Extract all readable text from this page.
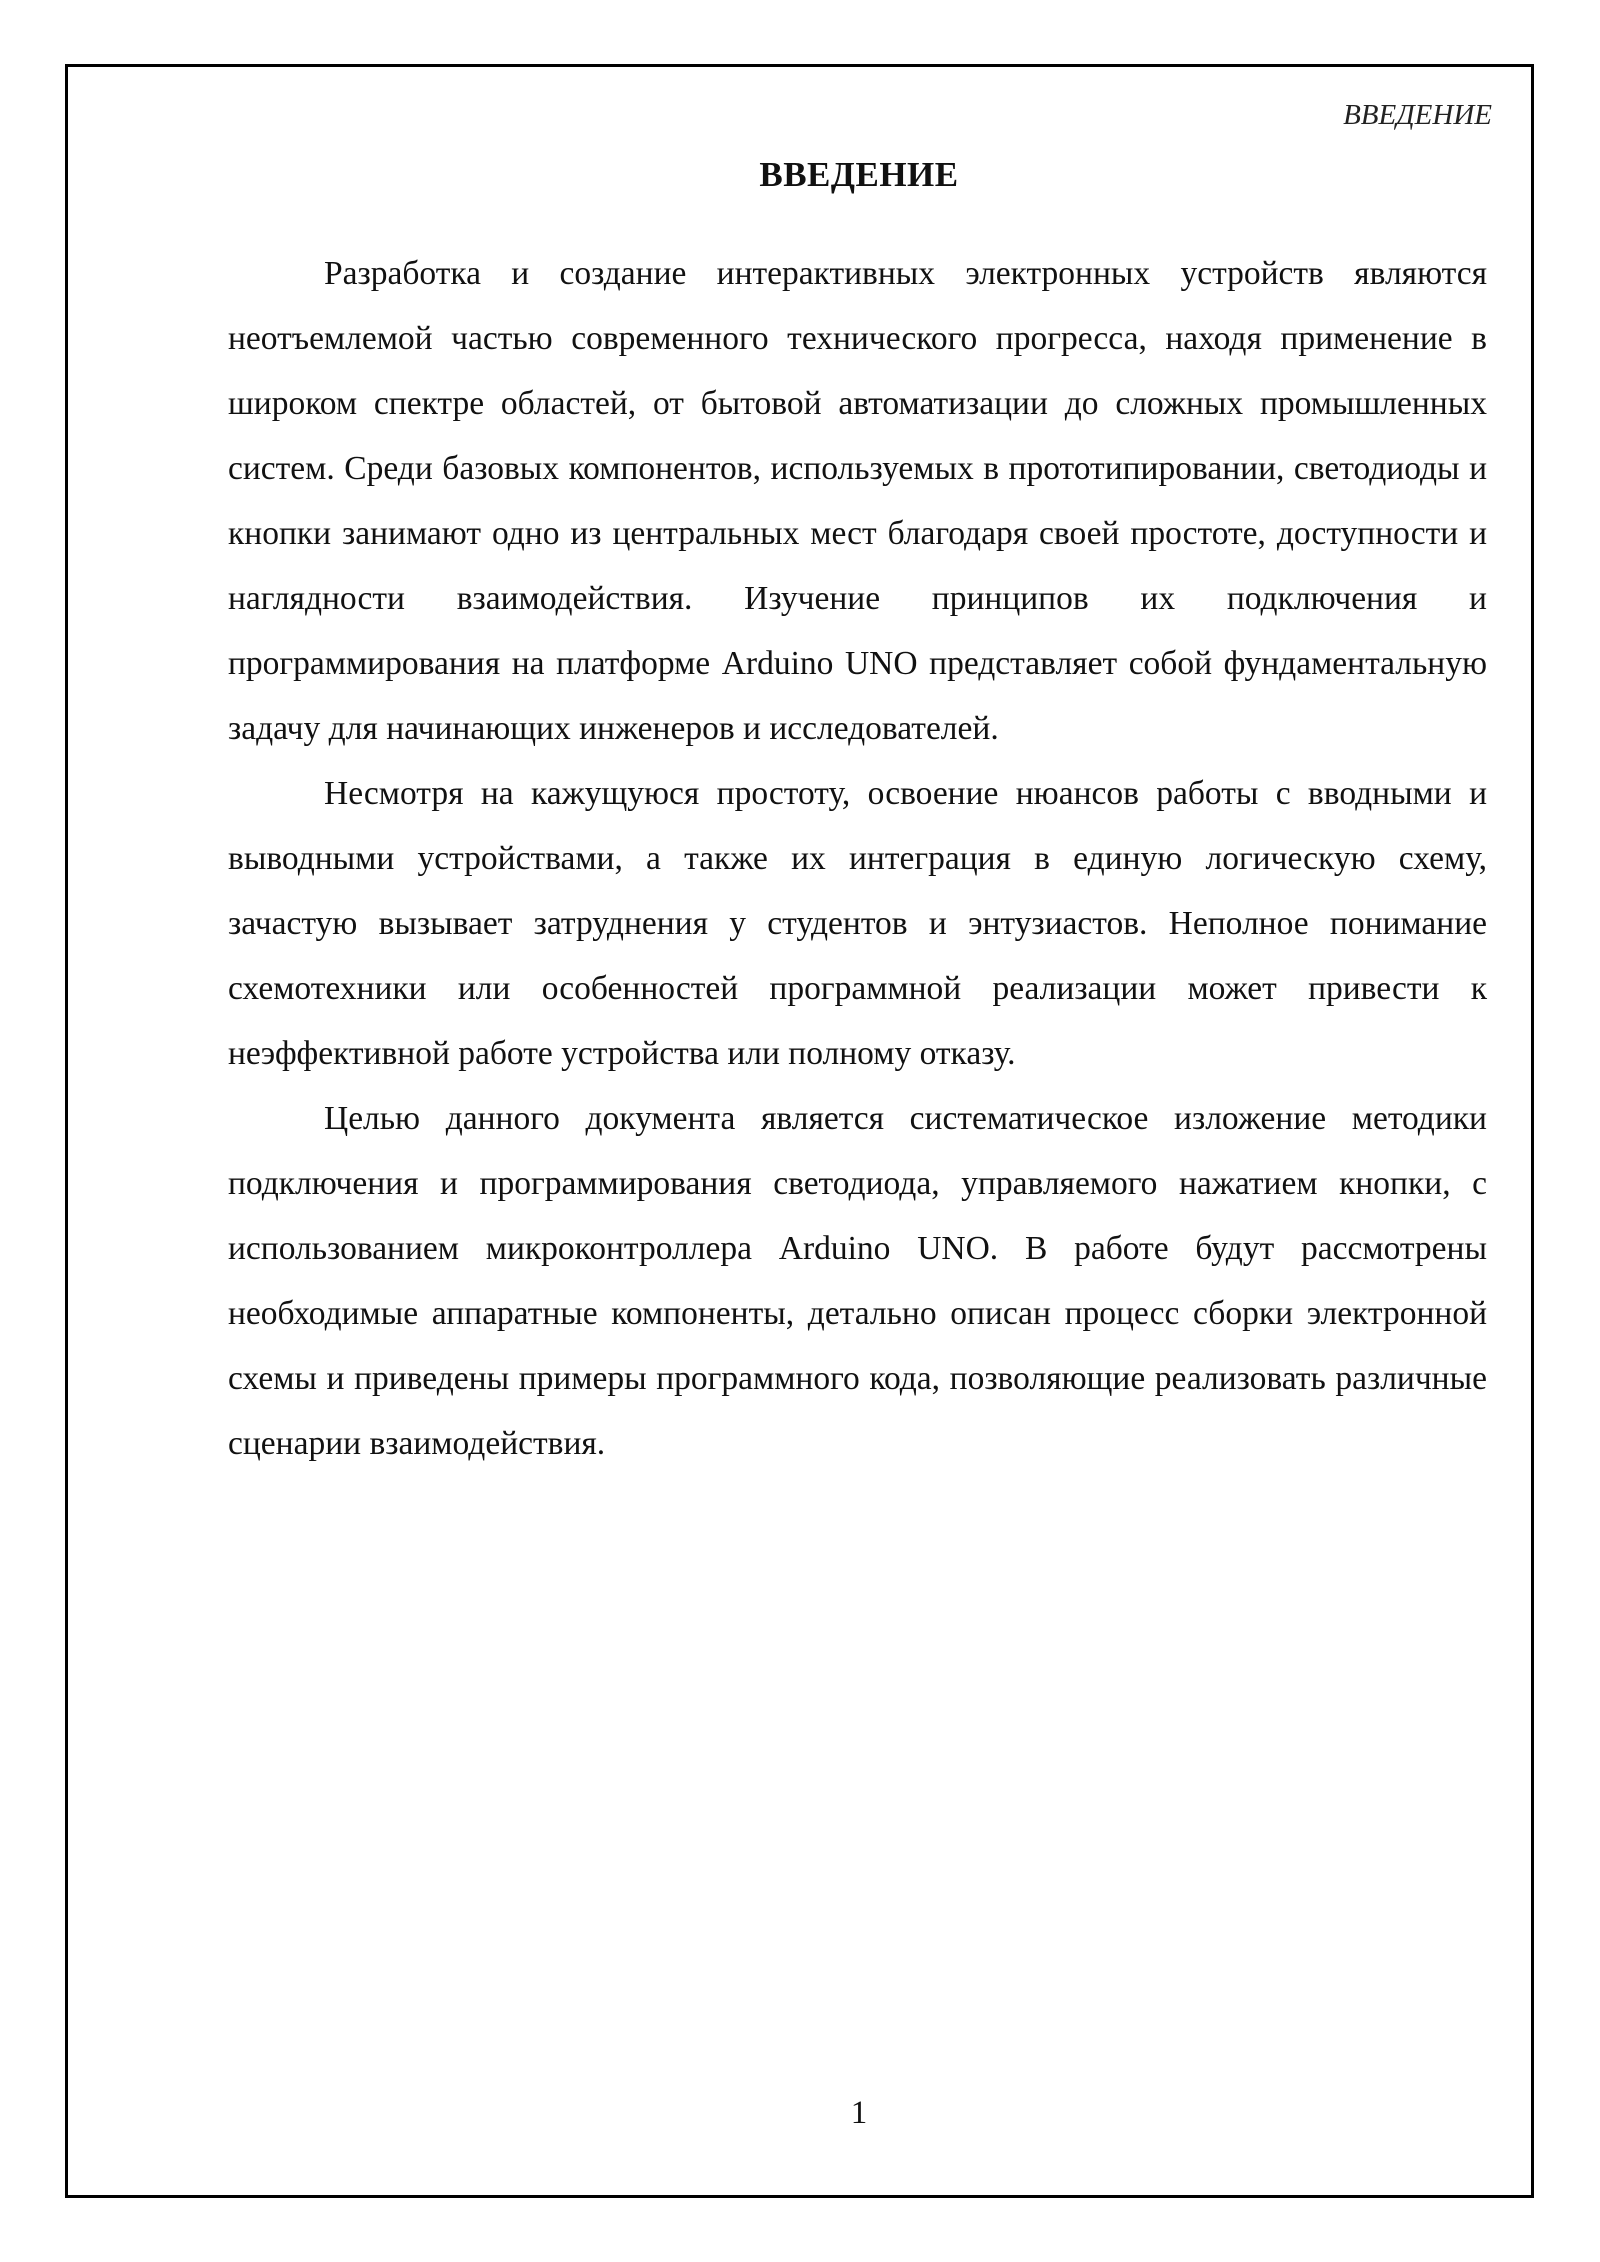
ВВЕДЕНИЕ
ВВЕДЕНИЕ

Разработка и создание интерактивных электронных устройств являются неотъемлемой частью современного технического прогресса, находя применение в широком спектре областей, от бытовой автоматизации до сложных промышленных систем. Среди базовых компонентов, используемых в прототипировании, светодиоды и кнопки занимают одно из центральных мест благодаря своей простоте, доступности и наглядности взаимодействия. Изучение принципов их подключения и программирования на платформе Arduino UNO представляет собой фундаментальную задачу для начинающих инженеров и исследователей.

Несмотря на кажущуюся простоту, освоение нюансов работы с вводными и выводными устройствами, а также их интеграция в единую логическую схему, зачастую вызывает затруднения у студентов и энтузиастов. Неполное понимание схемотехники или особенностей программной реализации может привести к неэффективной работе устройства или полному отказу.

Целью данного документа является систематическое изложение методики подключения и программирования светодиода, управляемого нажатием кнопки, с использованием микроконтроллера Arduino UNO. В работе будут рассмотрены необходимые аппаратные компоненты, детально описан процесс сборки электронной схемы и приведены примеры программного кода, позволяющие реализовать различные сценарии взаимодействия.

1
